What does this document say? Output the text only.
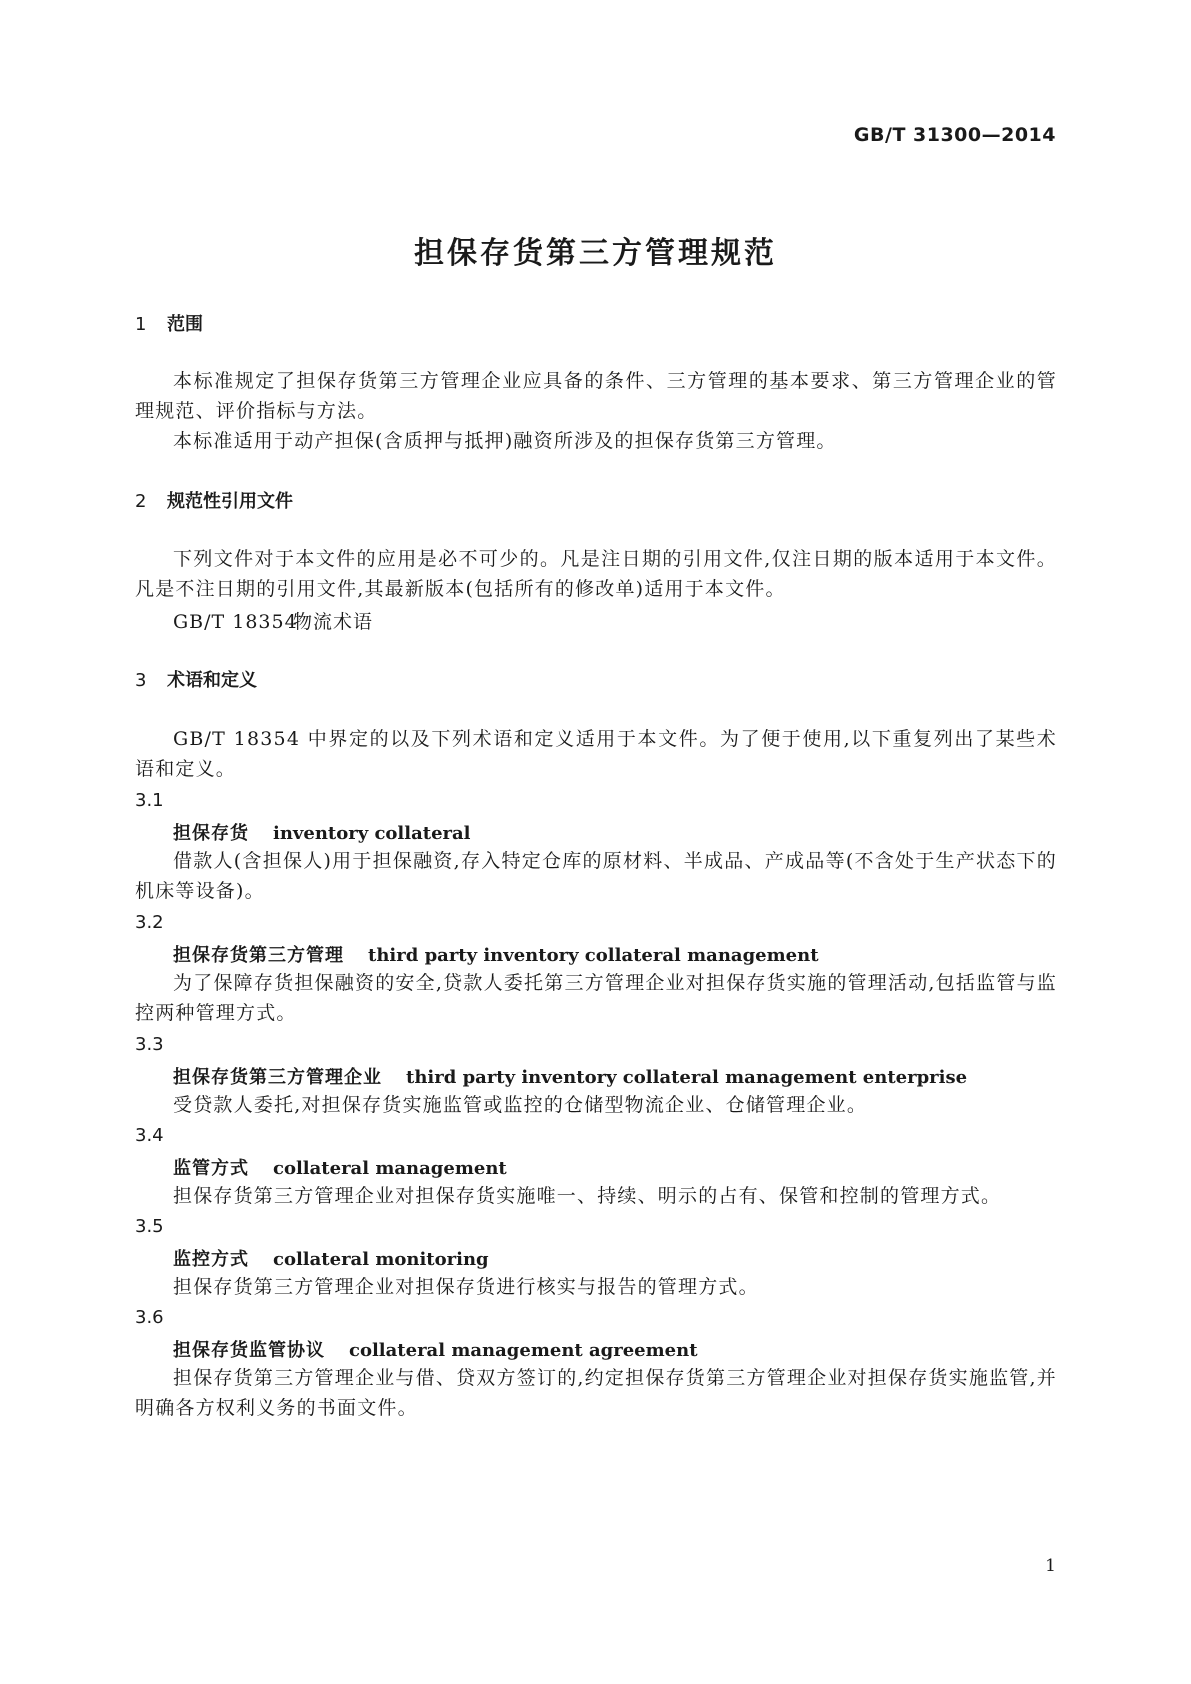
GB/T 31300—2014
担保存货第三方管理规范
1 范围
本标准规定了担保存货第三方管理企业应具备的条件、三方管理的基本要求、第三方管理企业的管理规范、评价指标与方法。
本标准适用于动产担保(含质押与抵押)融资所涉及的担保存货第三方管理。
2 规范性引用文件
下列文件对于本文件的应用是必不可少的。凡是注日期的引用文件,仅注日期的版本适用于本文件。凡是不注日期的引用文件,其最新版本(包括所有的修改单)适用于本文件。
GB/T 18354物流术语
3 术语和定义
GB/T 18354 中界定的以及下列术语和定义适用于本文件。为了便于使用,以下重复列出了某些术语和定义。
3.1
担保存货 inventory collateral
借款人(含担保人)用于担保融资,存入特定仓库的原材料、半成品、产成品等(不含处于生产状态下的机床等设备)。
3.2
担保存货第三方管理 third party inventory collateral management
为了保障存货担保融资的安全,贷款人委托第三方管理企业对担保存货实施的管理活动,包括监管与监控两种管理方式。
3.3
担保存货第三方管理企业 third party inventory collateral management enterprise
受贷款人委托,对担保存货实施监管或监控的仓储型物流企业、仓储管理企业。
3.4
监管方式 collateral management
担保存货第三方管理企业对担保存货实施唯一、持续、明示的占有、保管和控制的管理方式。
3.5
监控方式 collateral monitoring
担保存货第三方管理企业对担保存货进行核实与报告的管理方式。
3.6
担保存货监管协议 collateral management agreement
担保存货第三方管理企业与借、贷双方签订的,约定担保存货第三方管理企业对担保存货实施监管,并明确各方权利义务的书面文件。
1
